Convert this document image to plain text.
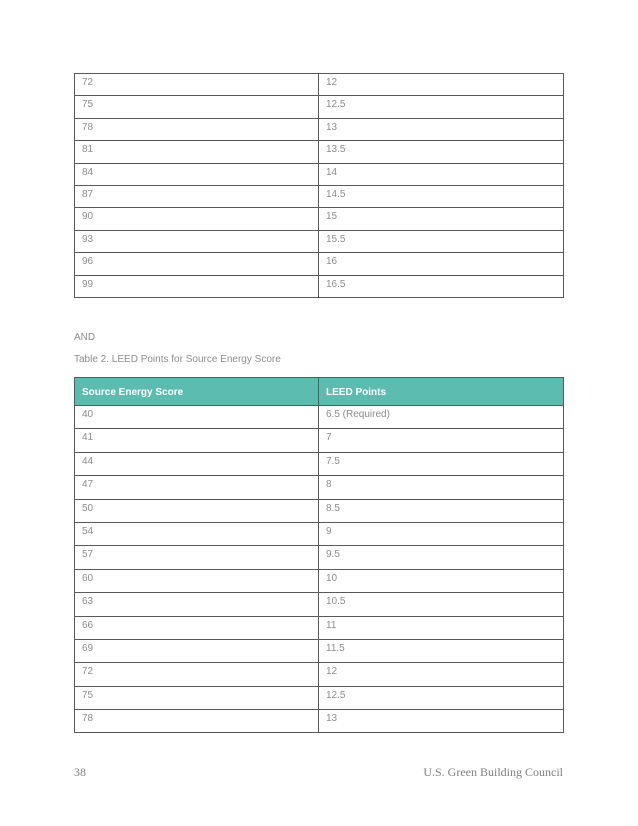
72	12
75	12.5
78	13
81	13.5
84	14
87	14.5
90	15
93	15.5
96	16
99	16.5

AND

Table 2. LEED Points for Source Energy Score

Source Energy Score	LEED Points
40	6.5 (Required)
41	7
44	7.5
47	8
50	8.5
54	9
57	9.5
60	10
63	10.5
66	11
69	11.5
72	12
75	12.5
78	13
38	U.S. Green Building Council
